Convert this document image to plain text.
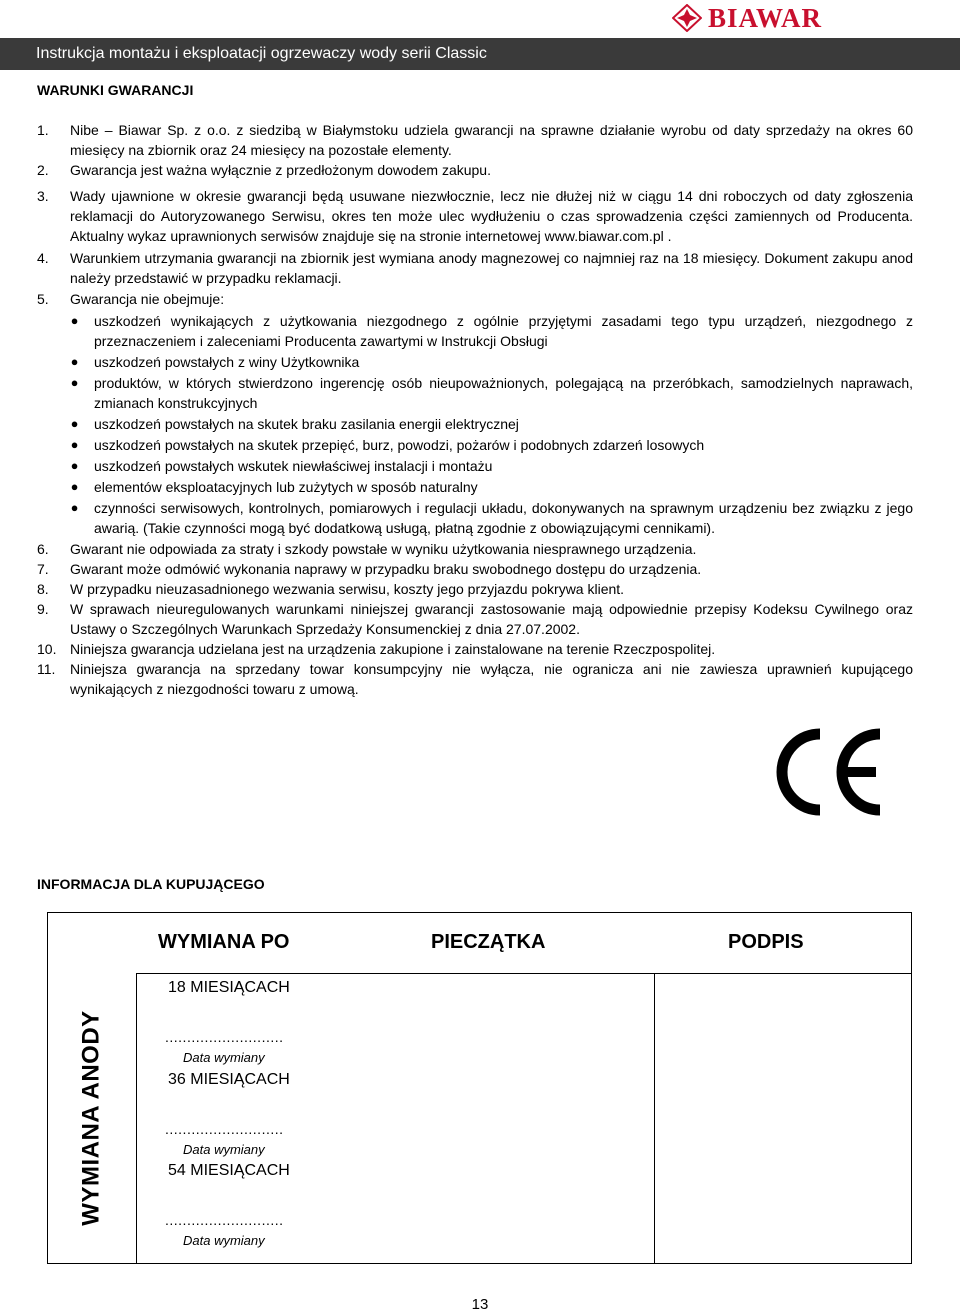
BIAWAR
Instrukcja montażu i eksploatacji ogrzewaczy wody serii Classic
WARUNKI GWARANCJI
1.	Nibe – Biawar Sp. z o.o. z siedzibą w Białymstoku udziela gwarancji na sprawne działanie wyrobu od daty sprzedaży na okres 60 miesięcy na zbiornik oraz 24 miesięcy na pozostałe elementy.
2.	Gwarancja jest ważna wyłącznie z przedłożonym dowodem zakupu.
3.	Wady ujawnione w okresie gwarancji będą usuwane niezwłocznie, lecz nie dłużej niż w ciągu 14 dni roboczych od daty zgłoszenia reklamacji do Autoryzowanego Serwisu, okres ten może ulec wydłużeniu o czas sprowadzenia części zamiennych od Producenta. Aktualny wykaz uprawnionych serwisów znajduje się na stronie internetowej www.biawar.com.pl .
4.	Warunkiem utrzymania gwarancji na zbiornik jest wymiana anody magnezowej co najmniej raz na 18 miesięcy. Dokument zakupu anod należy przedstawić w przypadku reklamacji.
5.	Gwarancja nie obejmuje:
●	uszkodzeń wynikających z użytkowania niezgodnego z ogólnie przyjętymi zasadami tego typu urządzeń, niezgodnego z przeznaczeniem i zaleceniami Producenta zawartymi w Instrukcji Obsługi
●	uszkodzeń powstałych z winy Użytkownika
●	produktów, w których stwierdzono ingerencję osób nieupoważnionych, polegającą na przeróbkach, samodzielnych naprawach, zmianach konstrukcyjnych
●	uszkodzeń powstałych na skutek braku zasilania energii elektrycznej
●	uszkodzeń powstałych na skutek przepięć, burz, powodzi, pożarów i podobnych zdarzeń losowych
●	uszkodzeń powstałych wskutek niewłaściwej instalacji i montażu
●	elementów eksploatacyjnych lub zużytych w sposób naturalny
●	czynności serwisowych, kontrolnych, pomiarowych i regulacji układu, dokonywanych na sprawnym urządzeniu bez związku z jego awarią. (Takie czynności mogą być dodatkową usługą, płatną zgodnie z obowiązującymi cennikami).
6.	Gwarant nie odpowiada za straty i szkody powstałe w wyniku użytkowania niesprawnego urządzenia.
7.	Gwarant może odmówić wykonania naprawy w przypadku braku swobodnego dostępu do urządzenia.
8.	W przypadku nieuzasadnionego wezwania serwisu, koszty jego przyjazdu pokrywa klient.
9.	W sprawach nieuregulowanych warunkami niniejszej gwarancji zastosowanie mają odpowiednie przepisy Kodeksu Cywilnego oraz Ustawy o Szczególnych Warunkach Sprzedaży Konsumenckiej z dnia 27.07.2002.
10. Niniejsza gwarancja udzielana jest na urządzenia zakupione i zainstalowane na terenie Rzeczpospolitej.
11.	Niniejsza gwarancja na sprzedany towar konsumpcyjny nie wyłącza, nie ogranicza ani nie zawiesza uprawnień kupującego wynikających z niezgodności towaru z umową.
INFORMACJA DLA KUPUJĄCEGO
WYMIANA ANODY
WYMIANA PO	PIECZĄTKA	PODPIS
18 MIESIĄCACH
...........................
Data wymiany
36 MIESIĄCACH
...........................
Data wymiany
54 MIESIĄCACH
...........................
Data wymiany
13
